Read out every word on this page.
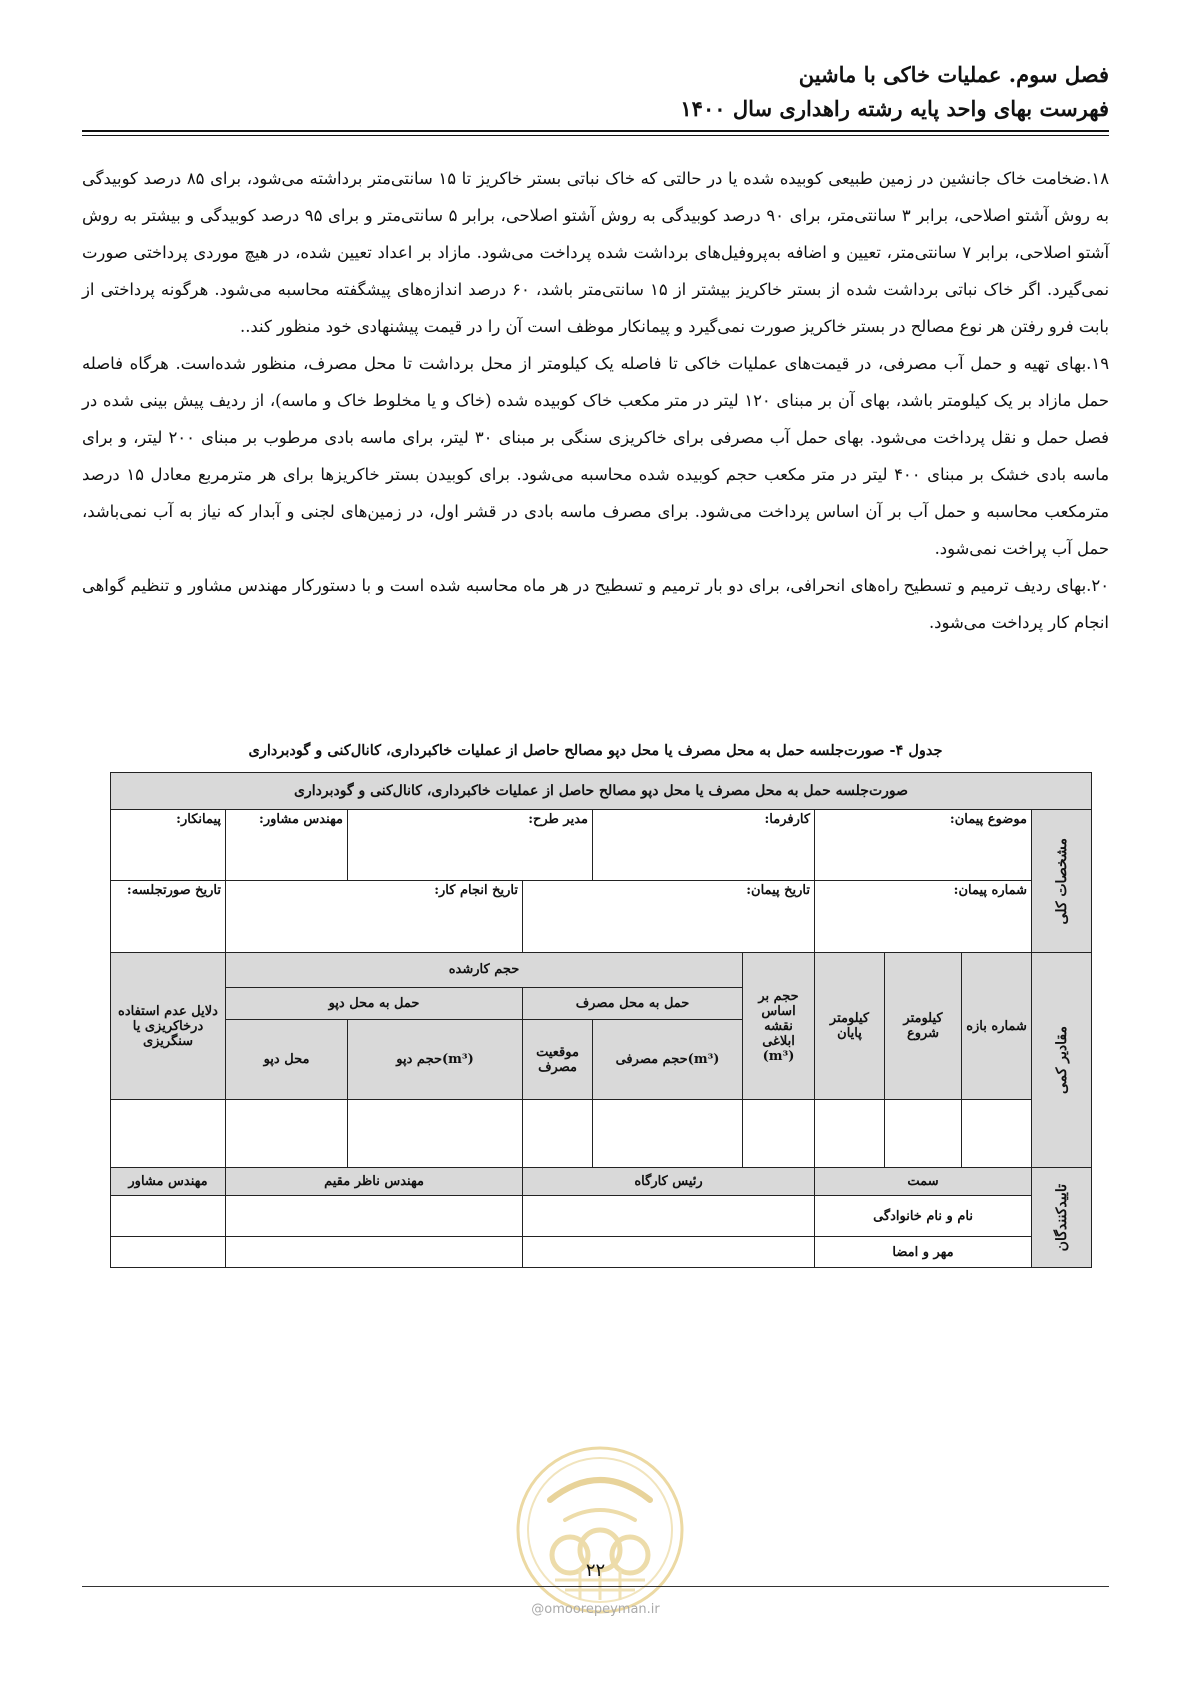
فصل سوم. عملیات خاکی با ماشین
فهرست بهای واحد پایه رشته راهداری سال ۱۴۰۰

۱۸.ضخامت خاک جانشین در زمین طبیعی کوبیده شده یا در حالتی که خاک نباتی بستر خاکریز تا ۱۵ سانتی‌متر برداشته می‌شود، برای ۸۵ درصد کوبیدگی به روش آشتو اصلاحی، برابر ۳ سانتی‌متر، برای ۹۰ درصد کوبیدگی به روش آشتو اصلاحی، برابر ۵ سانتی‌متر و برای ۹۵ درصد کوبیدگی و بیشتر به روش آشتو اصلاحی، برابر ۷ سانتی‌متر، تعیین و اضافه به‌پروفیل‌های برداشت شده پرداخت می‌شود. مازاد بر اعداد تعیین شده، در هیچ موردی پرداختی صورت نمی‌گیرد. اگر خاک نباتی برداشت شده از بستر خاکریز بیشتر از ۱۵ سانتی‌متر باشد، ۶۰ درصد اندازه‌های پیشگفته محاسبه می‌شود. هرگونه پرداختی از بابت فرو رفتن هر نوع مصالح در بستر خاکریز صورت نمی‌گیرد و پیمانکار موظف است آن را در قیمت پیشنهادی خود منظور کند..

۱۹.بهای تهیه و حمل آب مصرفی، در قیمت‌های عملیات خاکی تا فاصله یک کیلومتر از محل برداشت تا محل مصرف، منظور شده‌است. هرگاه فاصله حمل مازاد بر یک کیلومتر باشد، بهای آن بر مبنای ۱۲۰ لیتر در متر مکعب خاک کوبیده شده (خاک و یا مخلوط خاک و ماسه)، از ردیف پیش بینی شده در فصل حمل و نقل پرداخت می‌شود. بهای حمل آب مصرفی برای خاکریزی سنگی بر مبنای ۳۰ لیتر، برای ماسه بادی مرطوب بر مبنای ۲۰۰ لیتر، و برای ماسه بادی خشک بر مبنای ۴۰۰ لیتر در متر مکعب حجم کوبیده شده محاسبه می‌شود. برای کوبیدن بستر خاکریزها برای هر مترمربع معادل ۱۵ درصد مترمکعب محاسبه و حمل آب بر آن اساس پرداخت می‌شود. برای مصرف ماسه بادی در قشر اول، در زمین‌های لجنی و آبدار که نیاز به آب نمی‌باشد، حمل آب پراخت نمی‌شود.

۲۰.بهای ردیف ترمیم و تسطیح راه‌های انحرافی، برای دو بار ترمیم و تسطیح در هر ماه محاسبه شده است و با دستورکار مهندس مشاور و تنظیم گواهی انجام کار پرداخت می‌شود.

جدول ۴- صورت‌جلسه حمل به محل مصرف یا محل دپو مصالح حاصل از عملیات خاکبرداری، کانال‌کنی و گودبرداری
صورت‌جلسه حمل به محل مصرف یا محل دپو مصالح حاصل از عملیات خاکبرداری، کانال‌کنی و گودبرداری									

مشخصات کلی	موضوع پیمان:			کارفرما:		مدیر طرح:		مهندس مشاور:	پیمانکار:
	شماره پیمان:			تاریخ پیمان:			تاریخ انجام کار:		تاریخ صورتجلسه:

مقادیر کمی	شماره بازه	کیلومتر شروع	کیلومتر پایان	حجم بر اساس نقشه ابلاغی (m³)	حجم کارشده				دلایل عدم استفاده درخاکریزی یا سنگریزی
					حمل به محل مصرف		حمل به محل دپو		
					(m³)حجم مصرفی	موقعیت مصرف	(m³)حجم دپو	محل دپو	

تاییدکنندگان	سمت			رئیس کارگاه			مهندس ناظر مقیم		مهندس مشاور
	نام و نام خانوادگی								
	مهر و امضا								
۲۲
@omoorepeyman.ir
